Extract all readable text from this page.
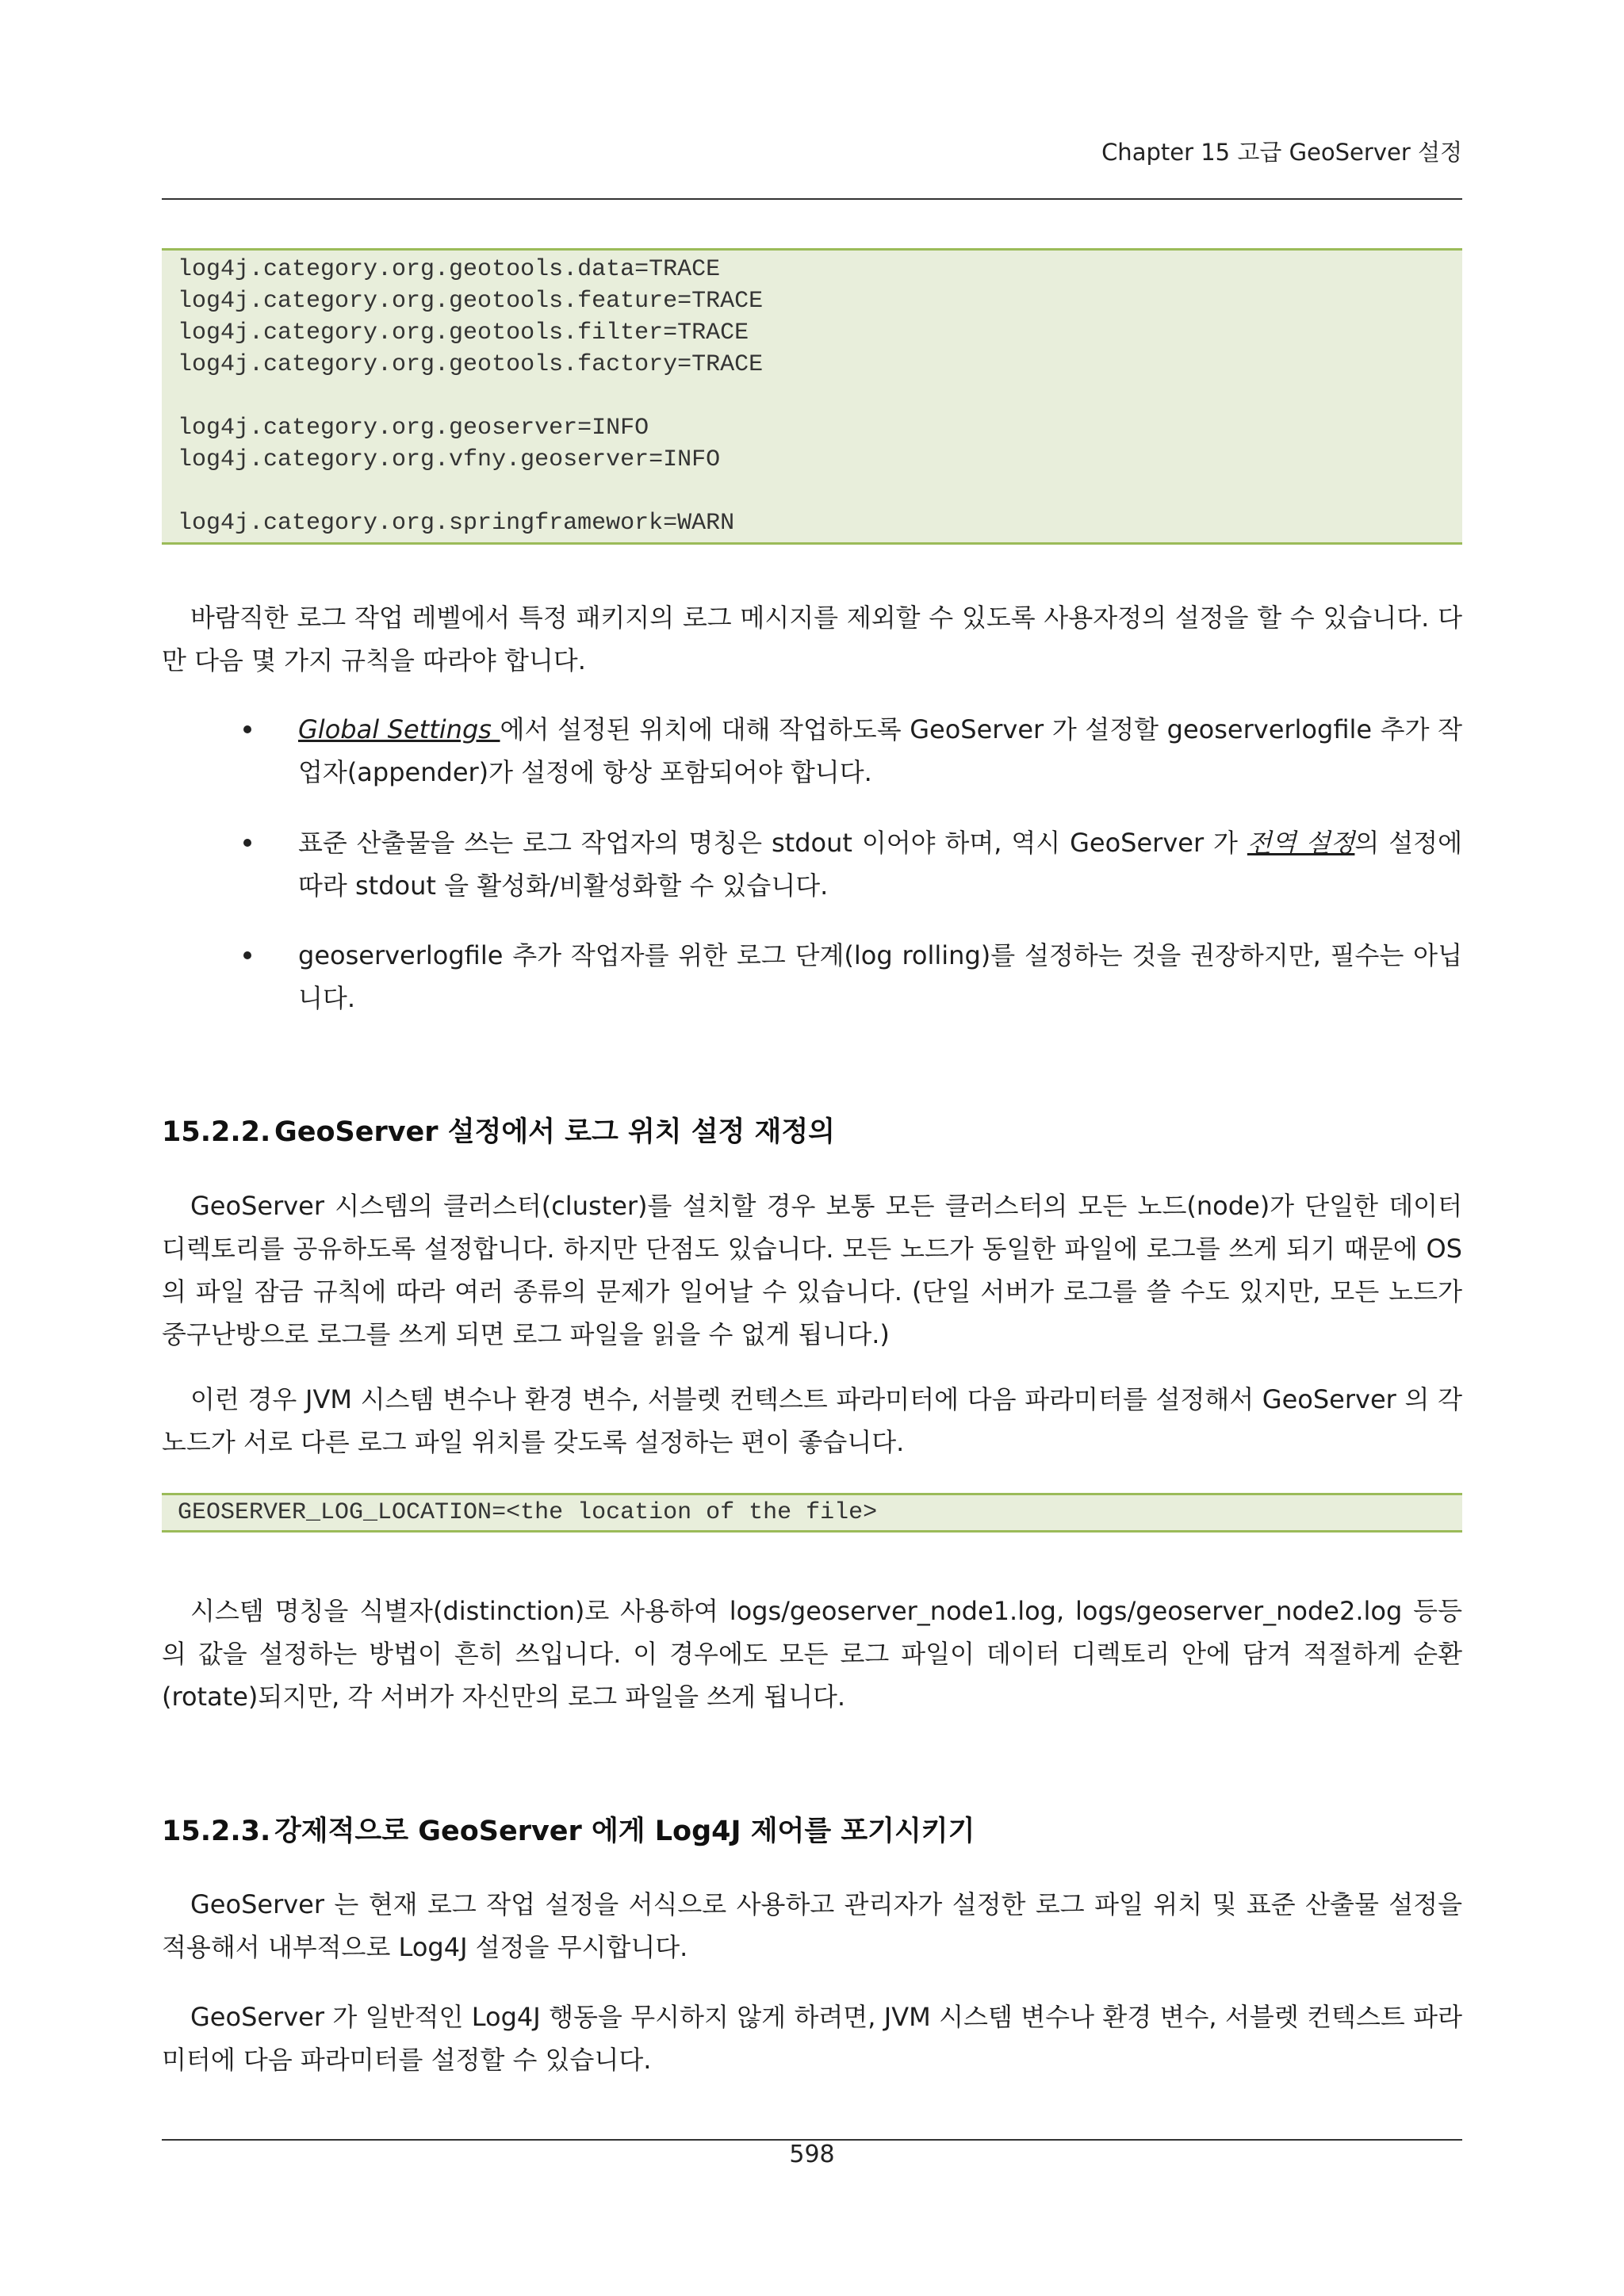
Chapter 15 고급 GeoServer 설정
log4j.category.org.geotools.data=TRACE
log4j.category.org.geotools.feature=TRACE
log4j.category.org.geotools.filter=TRACE
log4j.category.org.geotools.factory=TRACE
log4j.category.org.geoserver=INFO
log4j.category.org.vfny.geoserver=INFO
log4j.category.org.springframework=WARN

바람직한 로그 작업 레벨에서 특정 패키지의 로그 메시지를 제외할 수 있도록 사용자정의 설정을 할 수 있습니다. 다만 다음 몇 가지 규칙을 따라야 합니다.

Global Settings 에서 설정된 위치에 대해 작업하도록 GeoServer 가 설정할 geoserverlogfile 추가 작업자(appender)가 설정에 항상 포함되어야 합니다.
표준 산출물을 쓰는 로그 작업자의 명칭은 stdout 이어야 하며, 역시 GeoServer 가 전역 설정의 설정에 따라 stdout 을 활성화/비활성화할 수 있습니다.
geoserverlogfile 추가 작업자를 위한 로그 단계(log rolling)를 설정하는 것을 권장하지만, 필수는 아닙니다.
15.2.2. GeoServer 설정에서 로그 위치 설정 재정의

GeoServer 시스템의 클러스터(cluster)를 설치할 경우 보통 모든 클러스터의 모든 노드(node)가 단일한 데이터 디렉토리를 공유하도록 설정합니다. 하지만 단점도 있습니다. 모든 노드가 동일한 파일에 로그를 쓰게 되기 때문에 OS 의 파일 잠금 규칙에 따라 여러 종류의 문제가 일어날 수 있습니다. (단일 서버가 로그를 쓸 수도 있지만, 모든 노드가 중구난방으로 로그를 쓰게 되면 로그 파일을 읽을 수 없게 됩니다.)

이런 경우 JVM 시스템 변수나 환경 변수, 서블렛 컨텍스트 파라미터에 다음 파라미터를 설정해서 GeoServer 의 각 노드가 서로 다른 로그 파일 위치를 갖도록 설정하는 편이 좋습니다.

GEOSERVER_LOG_LOCATION=<the location of the file>

시스템 명칭을 식별자(distinction)로 사용하여 logs/geoserver_node1.log, logs/geoserver_node2.log 등등의 값을 설정하는 방법이 흔히 쓰입니다. 이 경우에도 모든 로그 파일이 데이터 디렉토리 안에 담겨 적절하게 순환(rotate)되지만, 각 서버가 자신만의 로그 파일을 쓰게 됩니다.

15.2.3. 강제적으로 GeoServer 에게 Log4J 제어를 포기시키기

GeoServer 는 현재 로그 작업 설정을 서식으로 사용하고 관리자가 설정한 로그 파일 위치 및 표준 산출물 설정을 적용해서 내부적으로 Log4J 설정을 무시합니다.

GeoServer 가 일반적인 Log4J 행동을 무시하지 않게 하려면, JVM 시스템 변수나 환경 변수, 서블렛 컨텍스트 파라미터에 다음 파라미터를 설정할 수 있습니다.

598
